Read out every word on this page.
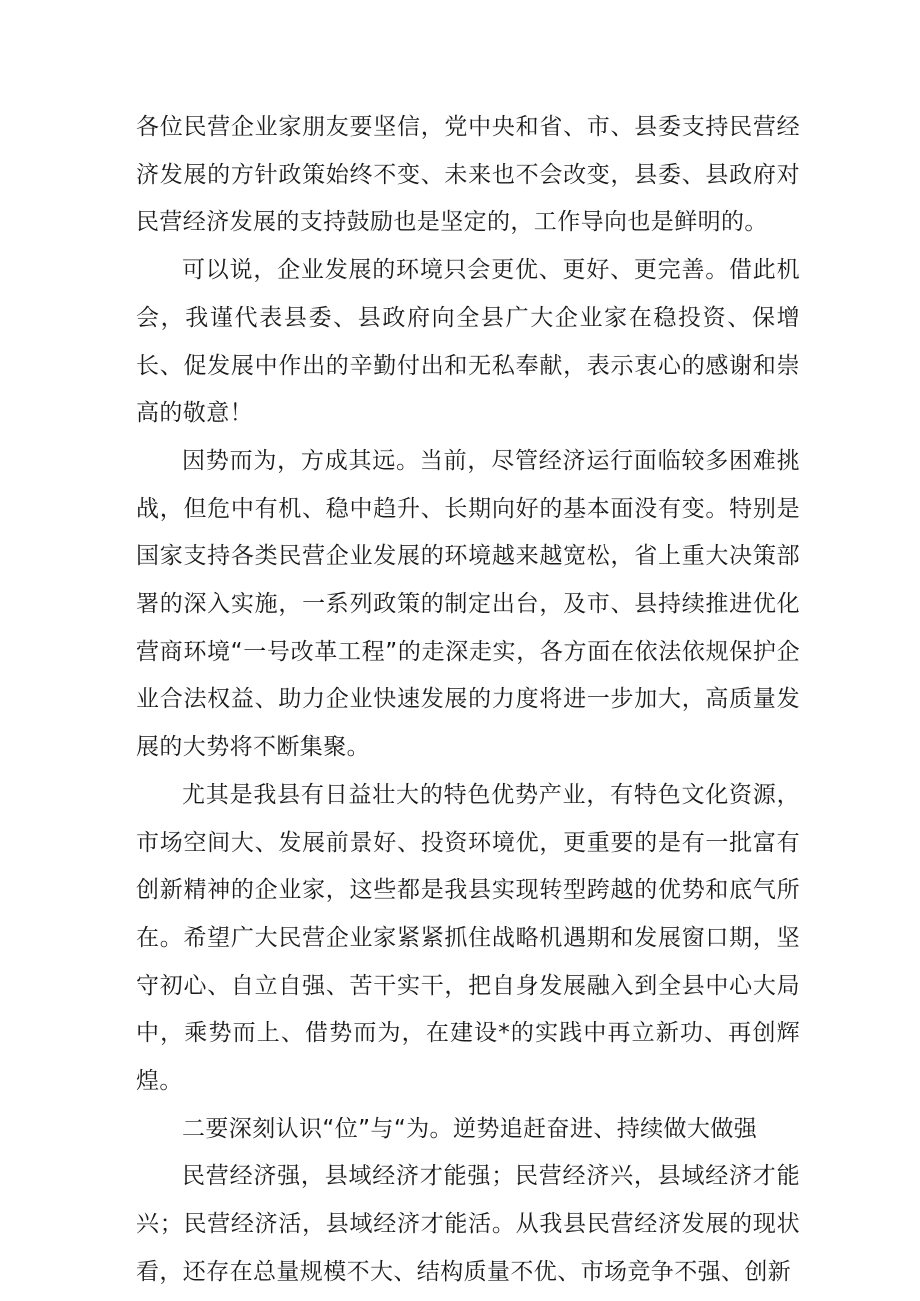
各位民营企业家朋友要坚信，党中央和省、市、县委支持民营经济发展的方针政策始终不变、未来也不会改变，县委、县政府对民营经济发展的支持鼓励也是坚定的，工作导向也是鲜明的。

可以说，企业发展的环境只会更优、更好、更完善。借此机会，我谨代表县委、县政府向全县广大企业家在稳投资、保增长、促发展中作出的辛勤付出和无私奉献，表示衷心的感谢和崇高的敬意！

因势而为，方成其远。当前，尽管经济运行面临较多困难挑战，但危中有机、稳中趋升、长期向好的基本面没有变。特别是国家支持各类民营企业发展的环境越来越宽松，省上重大决策部署的深入实施，一系列政策的制定出台，及市、县持续推进优化营商环境“一号改革工程”的走深走实，各方面在依法依规保护企业合法权益、助力企业快速发展的力度将进一步加大，高质量发展的大势将不断集聚。

尤其是我县有日益壮大的特色优势产业，有特色文化资源，市场空间大、发展前景好、投资环境优，更重要的是有一批富有创新精神的企业家，这些都是我县实现转型跨越的优势和底气所在。希望广大民营企业家紧紧抓住战略机遇期和发展窗口期，坚守初心、自立自强、苦干实干，把自身发展融入到全县中心大局中，乘势而上、借势而为，在建设*的实践中再立新功、再创辉煌。

二要深刻认识“位”与“为。逆势追赶奋进、持续做大做强

民营经济强，县域经济才能强；民营经济兴，县域经济才能兴；民营经济活，县域经济才能活。从我县民营经济发展的现状看，还存在总量规模不大、结构质量不优、市场竞争不强、创新
